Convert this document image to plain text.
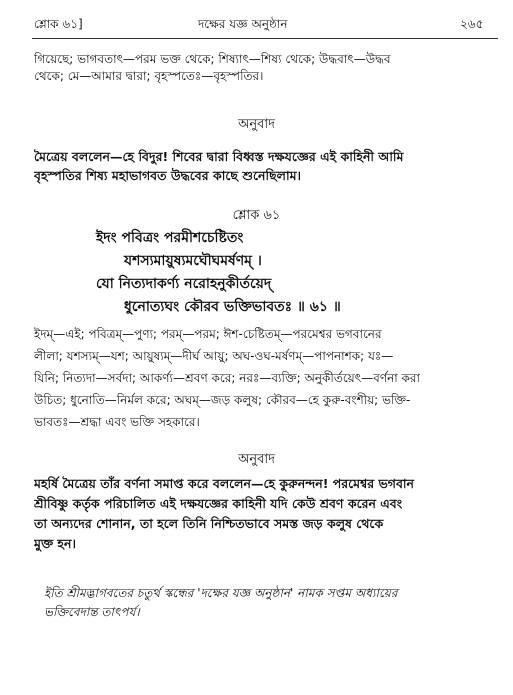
শ্লোক ৬১]	দক্ষের যজ্ঞ অনুষ্ঠান	২৬৫
গিয়েছে; ভাগবতাৎ—পরম ভক্ত থেকে; শিষ্যাৎ—শিষ্য থেকে; উদ্ধবাৎ—উদ্ধব
থেকে; মে—আমার দ্বারা; বৃহস্পতেঃ—বৃহস্পতির।
অনুবাদ
মৈত্রেয় বললেন—হে বিদুর! শিবের দ্বারা বিধ্বস্ত দক্ষযজ্ঞের এই কাহিনী আমি
বৃহস্পতির শিষ্য মহাভাগবত উদ্ধবের কাছে শুনেছিলাম।
শ্লোক ৬১
ইদং পবিত্রং পরমীশচেষ্টিতং
যশস্যমায়ুষ্যমঘৌঘমর্ষণম্ ।
যো নিত্যদাকর্ণ্য নরোহনুকীর্তয়েদ্
ধুনোত্যঘং কৌরব ভক্তিভাবতঃ ॥ ৬১ ॥
ইদম্—এই; পবিত্রম্—পুণ্য; পরম্—পরম; ঈশ-চেষ্টিতম্—পরমেশ্বর ভগবানের
লীলা; যশস্যম্—যশ; আয়ুষ্যম্—দীর্ঘ আয়ু; অঘ-ওঘ-মর্ষণম্—পাপনাশক; যঃ—
যিনি; নিত্যদা—সর্বদা; আকর্ণ্য—শ্রবণ করে; নরঃ—ব্যক্তি; অনুকীর্তয়েৎ—বর্ণনা করা
উচিত; ধুনোতি—নির্মল করে; অঘম্—জড় কলুষ; কৌরব—হে কুরু-বংশীয়; ভক্তি-
ভাবতঃ—শ্রদ্ধা এবং ভক্তি সহকারে।
অনুবাদ
মহর্ষি মৈত্রেয় তাঁর বর্ণনা সমাপ্ত করে বললেন—হে কুরুনন্দন! পরমেশ্বর ভগবান
শ্রীবিষ্ণু কর্তৃক পরিচালিত এই দক্ষযজ্ঞের কাহিনী যদি কেউ শ্রবণ করেন এবং
তা অন্যদের শোনান, তা হলে তিনি নিশ্চিতভাবে সমস্ত জড় কলুষ থেকে
মুক্ত হন।
ইতি শ্রীমদ্ভাগবতের চতুর্থ স্কন্ধের 'দক্ষের যজ্ঞ অনুষ্ঠান' নামক সপ্তম অধ্যায়ের
ভক্তিবেদান্ত তাৎপর্য।
